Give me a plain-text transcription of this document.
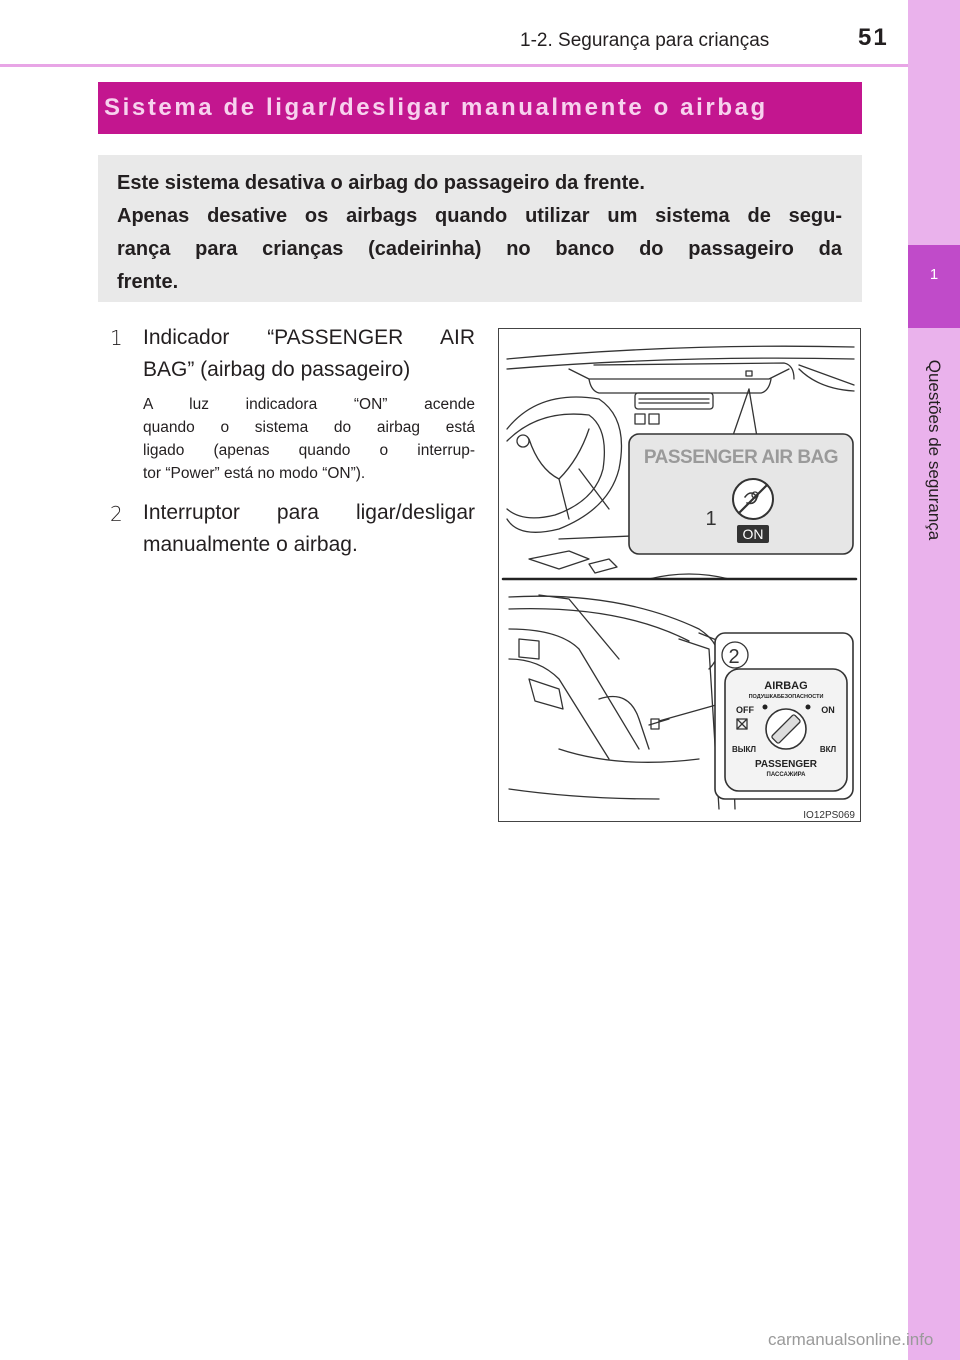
1-2. Segurança para crianças	51
1
Questões de segurança
Sistema de ligar/desligar manualmente o airbag
Este sistema desativa o airbag do passageiro da frente.
Apenas desative os airbags quando utilizar um sistema de segu-
rança para crianças (cadeirinha) no banco do passageiro da
frente.
1 Indicador “PASSENGER AIR
BAG” (airbag do passageiro)
A luz indicadora “ON” acende
quando o sistema do airbag está
ligado (apenas quando o interrup-
tor “Power” está no modo “ON”).
2 Interruptor para ligar/desligar
manualmente o airbag.
PASSENGER AIR BAG
ON
1
2
AIRBAG
ПОДУШКАБЕЗОПАСНОСТИ
OFF	ON
ВЫКЛ	ВКЛ
PASSENGER
ПАССАЖИРА
IO12PS069
carmanualsonline.info
